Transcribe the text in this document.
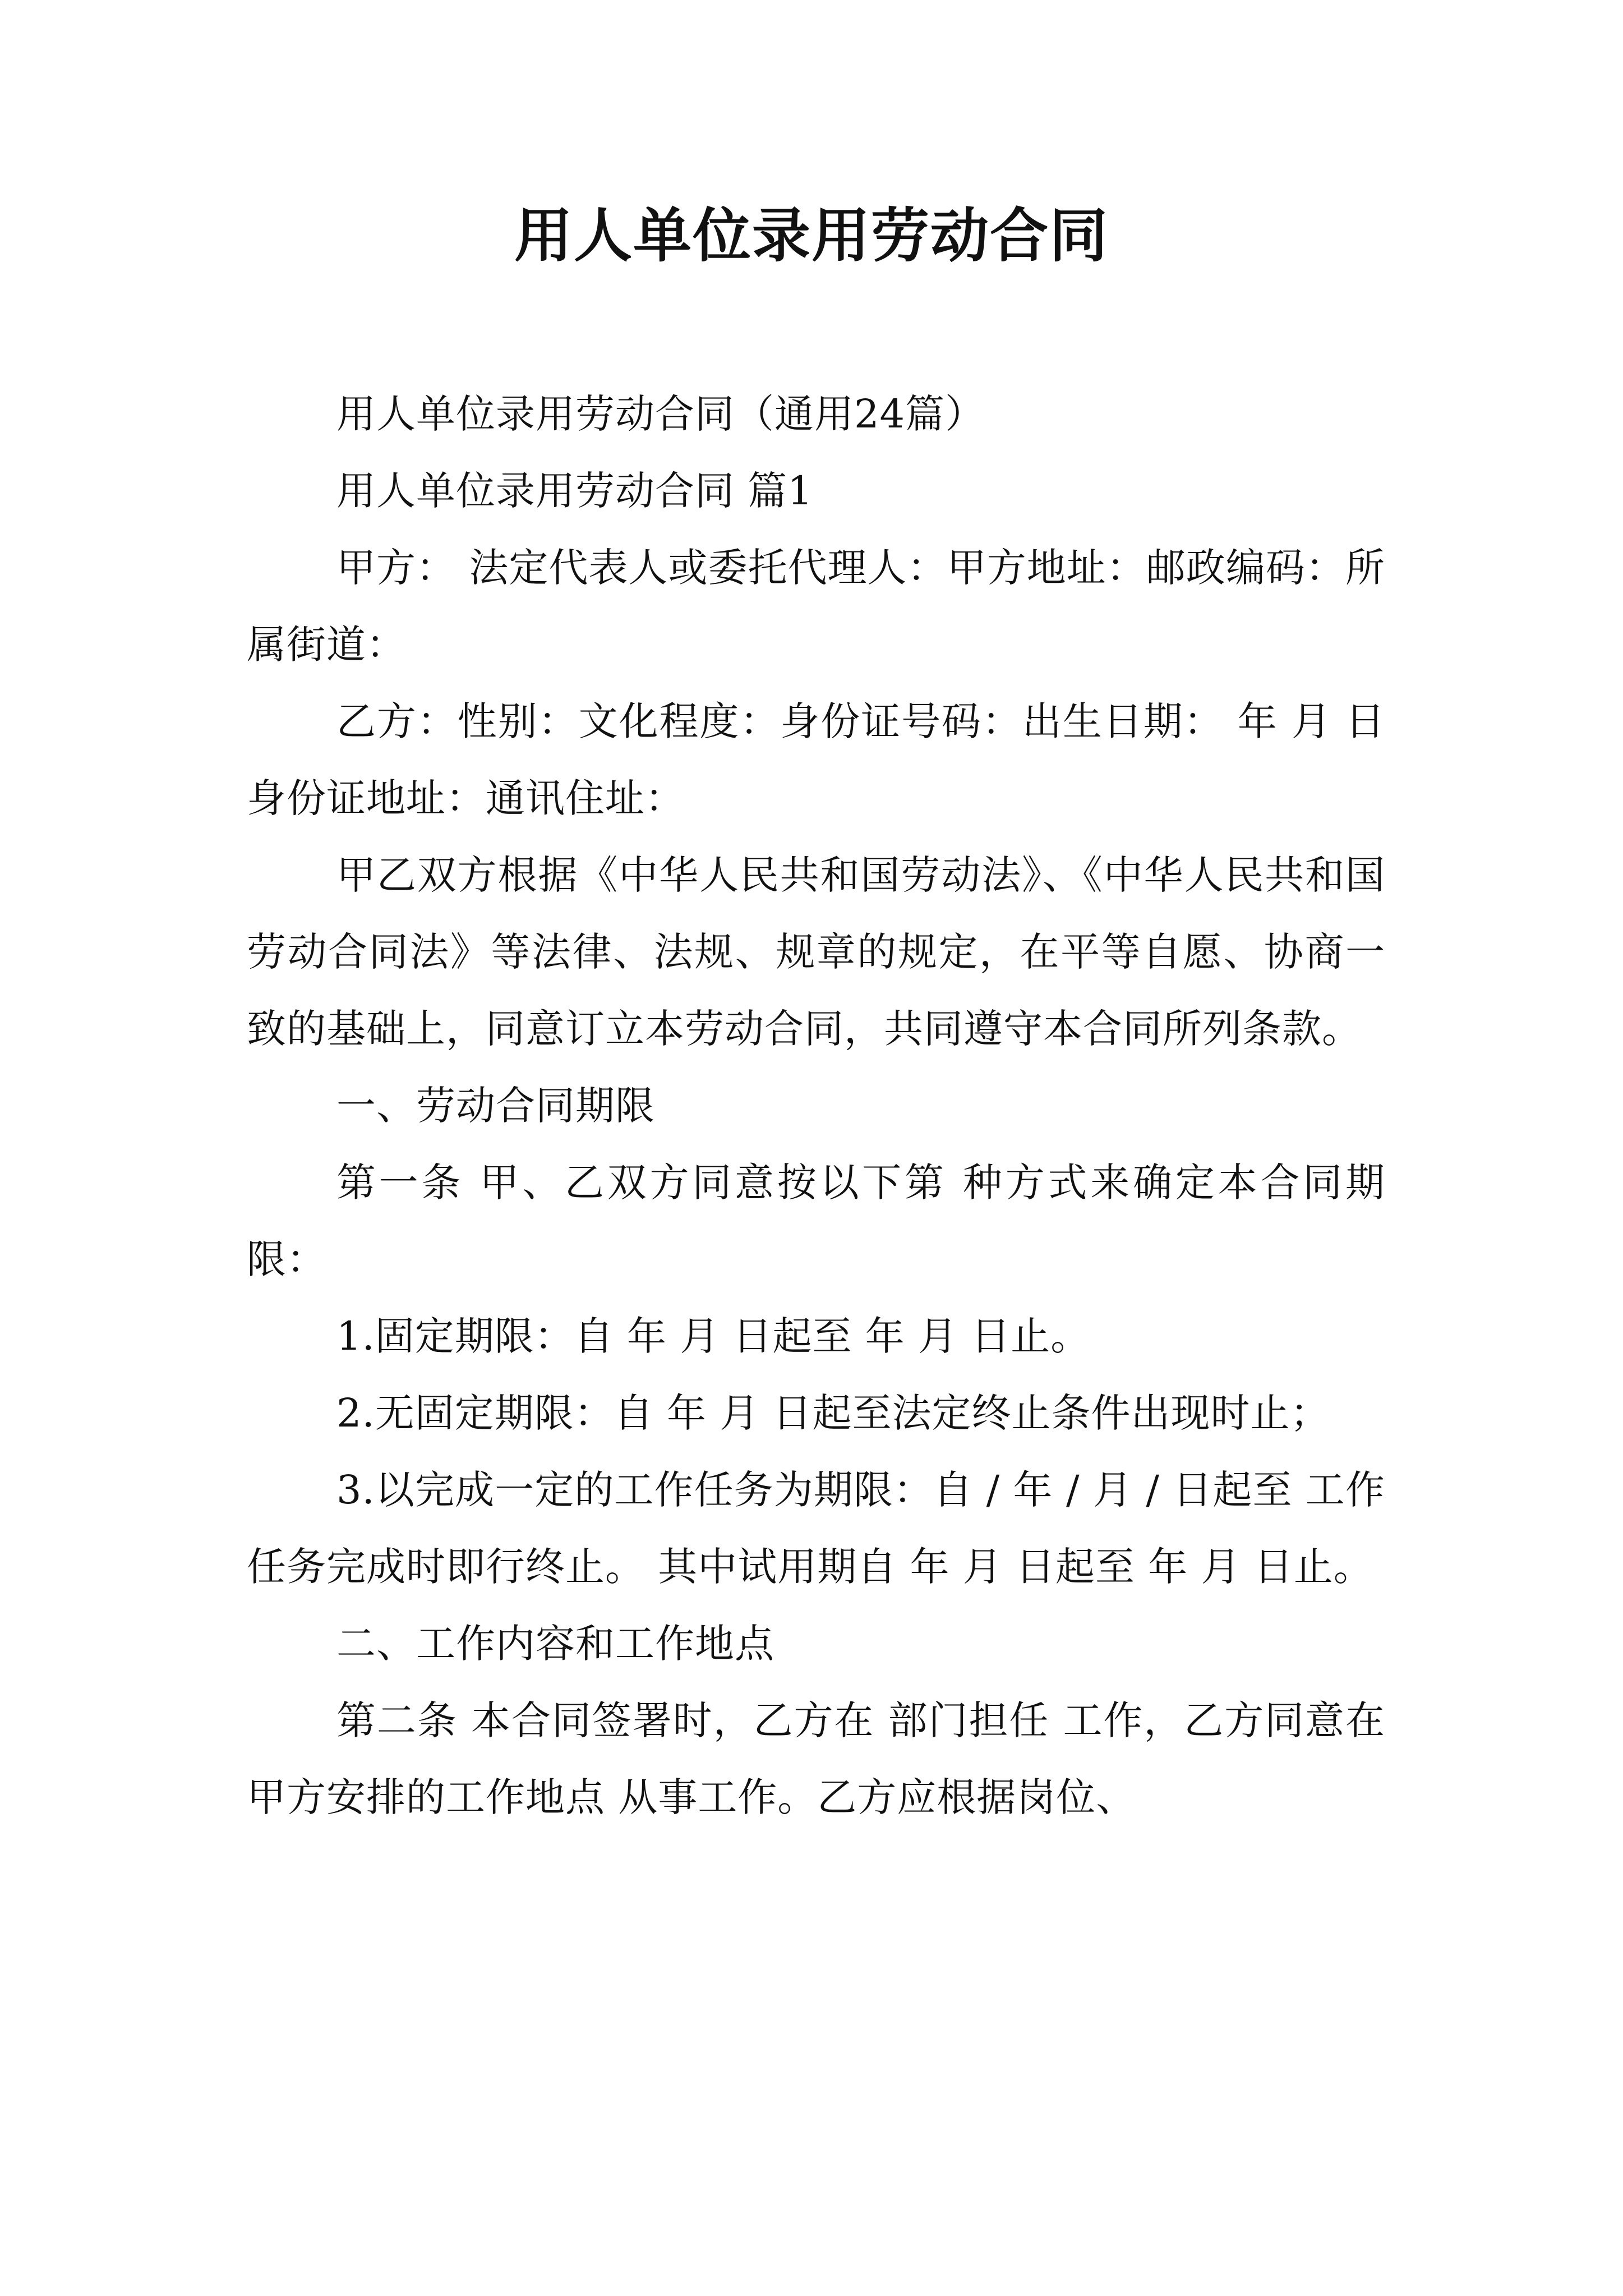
用人单位录用劳动合同

用人单位录用劳动合同（通用24篇）

用人单位录用劳动合同 篇1

甲方： 法定代表人或委托代理人：甲方地址：邮政编码：所属街道：

乙方：性别：文化程度：身份证号码：出生日期： 年 月 日身份证地址：通讯住址：

甲乙双方根据《中华人民共和国劳动法》、《中华人民共和国劳动合同法》等法律、法规、规章的规定，在平等自愿、协商一致的基础上，同意订立本劳动合同，共同遵守本合同所列条款。

一、劳动合同期限

第一条 甲、乙双方同意按以下第 种方式来确定本合同期限：

1.固定期限：自 年 月 日起至 年 月 日止。

2.无固定期限：自 年 月 日起至法定终止条件出现时止；

3.以完成一定的工作任务为期限：自 / 年 / 月 / 日起至 工作任务完成时即行终止。 其中试用期自 年 月 日起至 年 月 日止。

二、工作内容和工作地点

第二条 本合同签署时，乙方在 部门担任 工作，乙方同意在甲方安排的工作地点 从事工作。乙方应根据岗位、
